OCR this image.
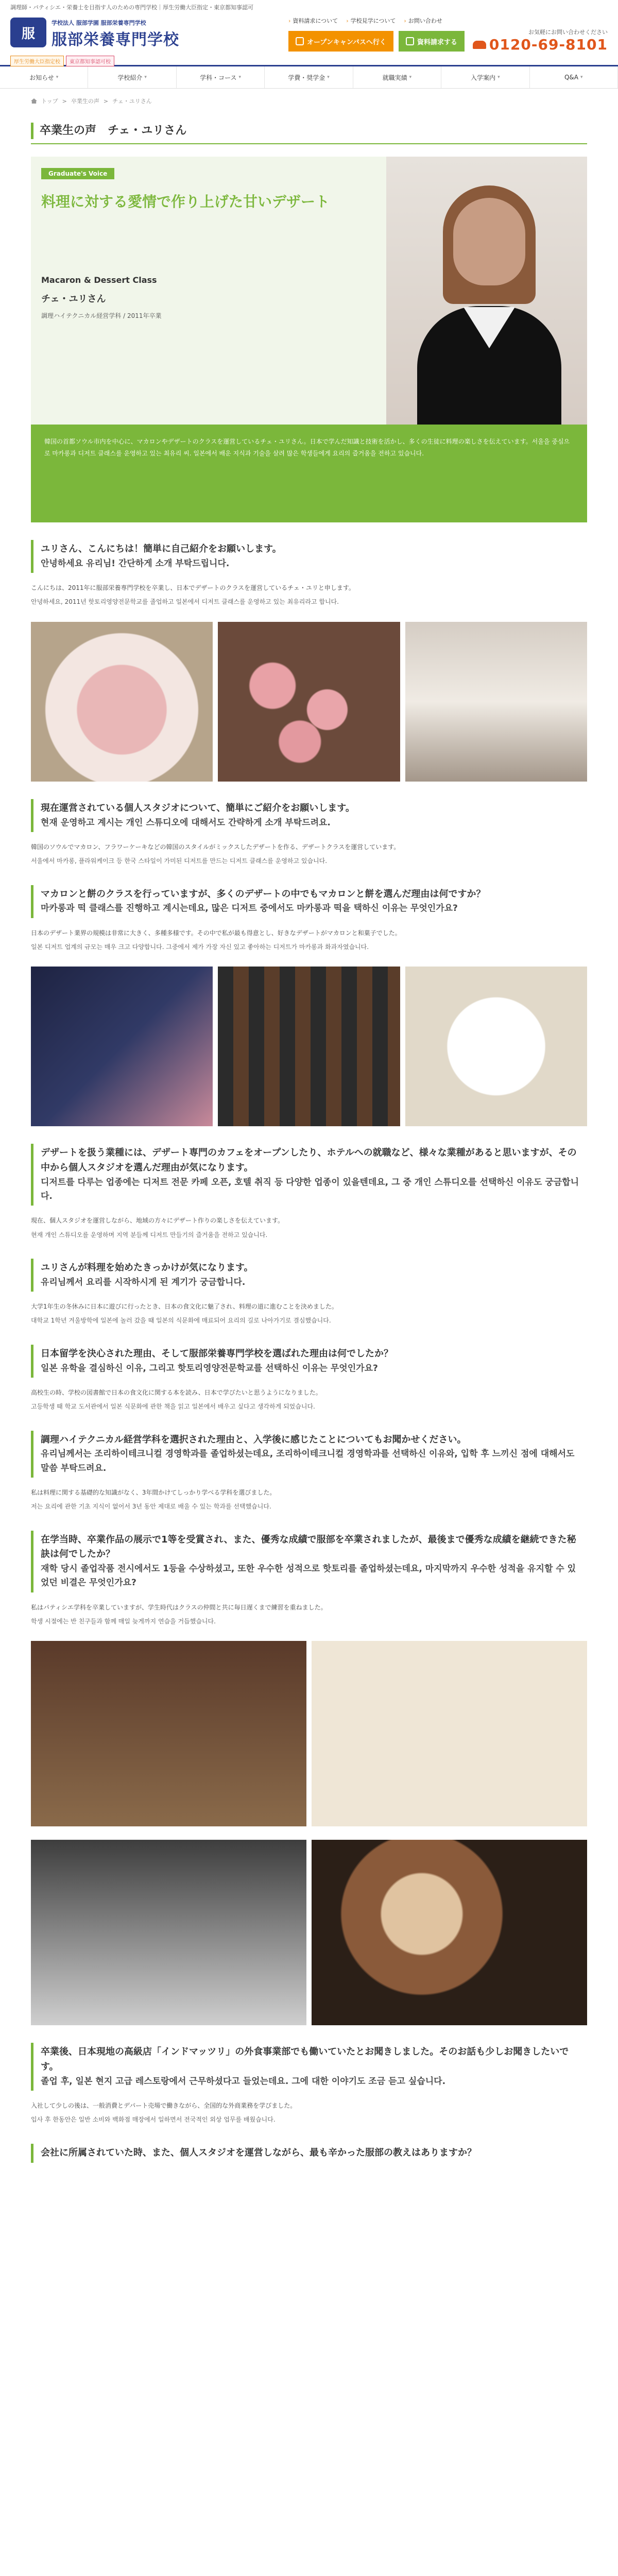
調理師・パティシエ・栄養士を目指す人のための専門学校｜厚生労働大臣指定・東京都知事認可
服
学校法人 服部学園 服部栄養専門学校
服部栄養専門学校
厚生労働大臣指定校	東京都知事認可校
› 資料請求について	› 学校見学について	› お問い合わせ
オープンキャンパスへ行く	資料請求する
お気軽にお問い合わせください
0120-69-8101
お知らせ ▾	学校紹介 ▾	学科・コース ▾	学費・奨学金 ▾	就職実績 ▾	入学案内 ▾	Q&A ▾
トップ > 卒業生の声 > チェ・ユリさん
卒業生の声　チェ・ユリさん
Graduate's Voice
料理に対する愛情で作り上げた甘いデザート
Macaron & Dessert Class
チェ・ユリさん
調理ハイテクニカル経営学科 / 2011年卒業
韓国の首都ソウル市内を中心に、マカロンやデザートのクラスを運営しているチェ・ユリさん。日本で学んだ知識と技術を活かし、多くの生徒に料理の楽しさを伝えています。서울을 중심으로 마카롱과 디저트 클래스를 운영하고 있는 최유리 씨. 일본에서 배운 지식과 기술을 살려 많은 학생들에게 요리의 즐거움을 전하고 있습니다.
ユリさん、こんにちは！簡単に自己紹介をお願いします。
안녕하세요 유리님! 간단하게 소개 부탁드립니다.
こんにちは、2011年に服部栄養専門学校を卒業し、日本でデザートのクラスを運営しているチェ・ユリと申します。
안녕하세요, 2011년 핫토리영양전문학교를 졸업하고 일본에서 디저트 클래스를 운영하고 있는 최유리라고 합니다.
現在運営されている個人スタジオについて、簡単にご紹介をお願いします。
현재 운영하고 계시는 개인 스튜디오에 대해서도 간략하게 소개 부탁드려요.
韓国のソウルでマカロン、フラワーケーキなどの韓国のスタイルがミックスしたデザートを作る、デザートクラスを運営しています。
서울에서 마카롱, 플라워케이크 등 한국 스타일이 가미된 디저트를 만드는 디저트 클래스를 운영하고 있습니다.
マカロンと餅のクラスを行っていますが、多くのデザートの中でもマカロンと餅を選んだ理由は何ですか？
마카롱과 떡 클래스를 진행하고 계시는데요, 많은 디저트 중에서도 마카롱과 떡을 택하신 이유는 무엇인가요?
日本のデザート業界の規模は非常に大きく、多種多様です。その中で私が最も得意とし、好きなデザートがマカロンと和菓子でした。
일본 디저트 업계의 규모는 매우 크고 다양합니다. 그중에서 제가 가장 자신 있고 좋아하는 디저트가 마카롱과 화과자였습니다.
デザートを扱う業種には、デザート専門のカフェをオープンしたり、ホテルへの就職など、様々な業種があると思いますが、その中から個人スタジオを選んだ理由が気になります。
디저트를 다루는 업종에는 디저트 전문 카페 오픈, 호텔 취직 등 다양한 업종이 있을텐데요, 그 중 개인 스튜디오를 선택하신 이유도 궁금합니다.
現在、個人スタジオを運営しながら、地域の方々にデザート作りの楽しさを伝えています。
현재 개인 스튜디오를 운영하며 지역 분들께 디저트 만들기의 즐거움을 전하고 있습니다.
ユリさんが料理を始めたきっかけが気になります。
유리님께서 요리를 시작하시게 된 계기가 궁금합니다.
大学1年生の冬休みに日本に遊びに行ったとき、日本の食文化に魅了され、料理の道に進むことを決めました。
대학교 1학년 겨울방학에 일본에 놀러 갔을 때 일본의 식문화에 매료되어 요리의 길로 나아가기로 결심했습니다.
日本留学を決心された理由、そして服部栄養専門学校を選ばれた理由は何でしたか？
일본 유학을 결심하신 이유, 그리고 핫토리영양전문학교를 선택하신 이유는 무엇인가요?
高校生の時、学校の図書館で日本の食文化に関する本を読み、日本で学びたいと思うようになりました。
고등학생 때 학교 도서관에서 일본 식문화에 관한 책을 읽고 일본에서 배우고 싶다고 생각하게 되었습니다.
調理ハイテクニカル経営学科を選択された理由と、入学後に感じたことについてもお聞かせください。
유리님께서는 조리하이테크니컬 경영학과를 졸업하셨는데요, 조리하이테크니컬 경영학과를 선택하신 이유와, 입학 후 느끼신 점에 대해서도 말씀 부탁드려요.
私は料理に関する基礎的な知識がなく、3年間かけてしっかり学べる学科を選びました。
저는 요리에 관한 기초 지식이 없어서 3년 동안 제대로 배울 수 있는 학과를 선택했습니다.
在学当時、卒業作品の展示で1等を受賞され、また、優秀な成績で服部を卒業されましたが、最後まで優秀な成績を継続できた秘訣は何でしたか？
재학 당시 졸업작품 전시에서도 1등을 수상하셨고, 또한 우수한 성적으로 핫토리를 졸업하셨는데요, 마지막까지 우수한 성적을 유지할 수 있었던 비결은 무엇인가요?
私はパティシエ学科を卒業していますが、学生時代はクラスの仲間と共に毎日遅くまで練習を重ねました。
학생 시절에는 반 친구들과 함께 매일 늦게까지 연습을 거듭했습니다.
卒業後、日本現地の高級店「インドマッツリ」の外食事業部でも働いていたとお聞きしました。そのお話も少しお聞きしたいです。
졸업 후, 일본 현지 고급 레스토랑에서 근무하셨다고 들었는데요. 그에 대한 이야기도 조금 듣고 싶습니다.
入社して少しの後は、一般消費とデパート売場で働きながら、全国的な外商業務を学びました。
입사 후 한동안은 일반 소비와 백화점 매장에서 일하면서 전국적인 외상 업무를 배웠습니다.
会社に所属されていた時、また、個人スタジオを運営しながら、最も辛かった服部の教えはありますか？
